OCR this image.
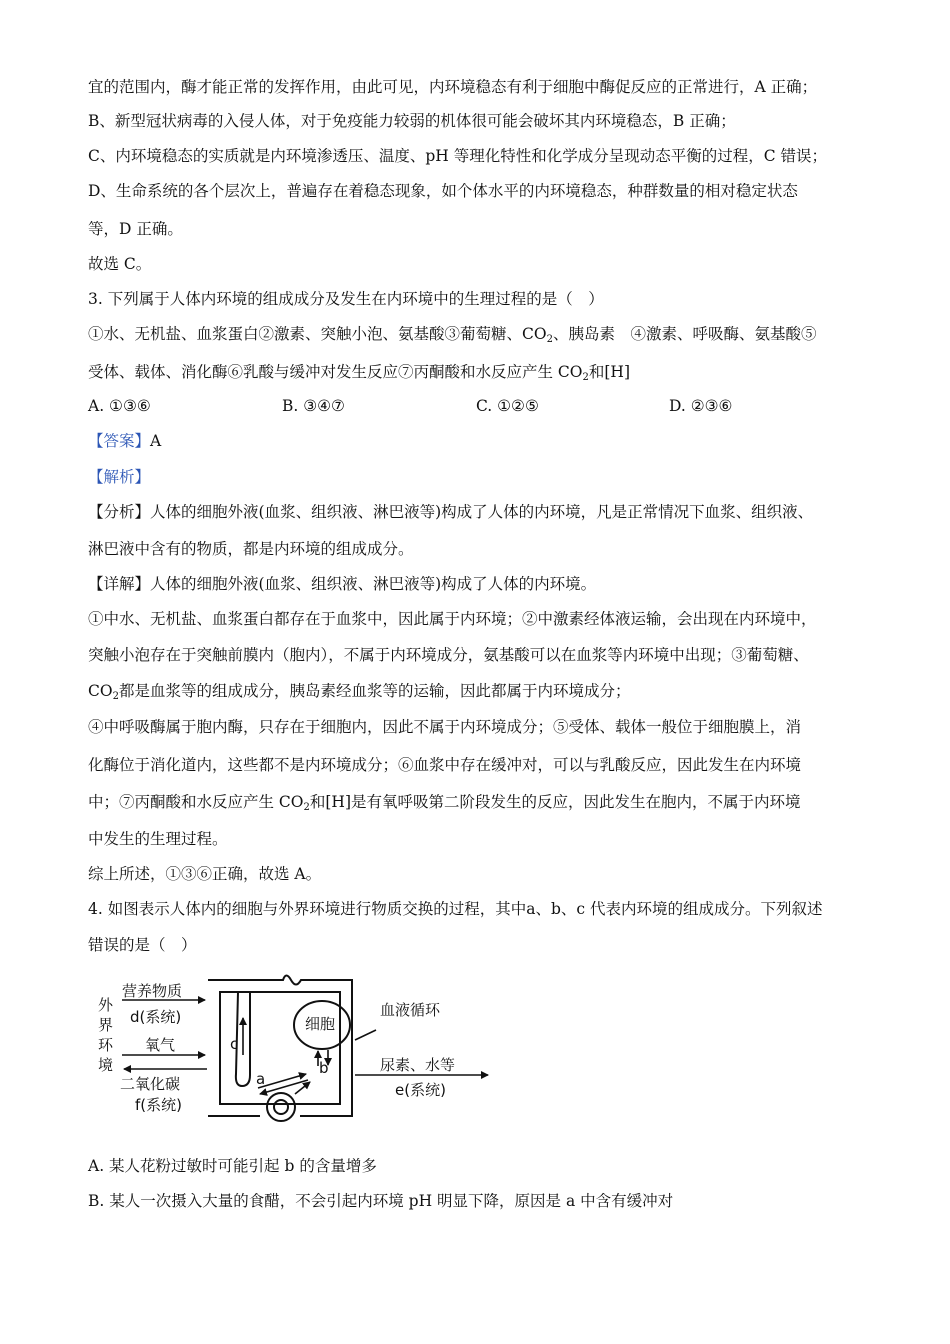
宜的范围内，酶才能正常的发挥作用，由此可见，内环境稳态有利于细胞中酶促反应的正常进行，A 正确；
B、新型冠状病毒的入侵人体，对于免疫能力较弱的机体很可能会破坏其内环境稳态，B 正确；
C、内环境稳态的实质就是内环境渗透压、温度、pH 等理化特性和化学成分呈现动态平衡的过程，C 错误；
D、生命系统的各个层次上，普遍存在着稳态现象，如个体水平的内环境稳态，种群数量的相对稳定状态
等，D 正确。
故选 C。
3. 下列属于人体内环境的组成成分及发生在内环境中的生理过程的是（　）
①水、无机盐、血浆蛋白②激素、突触小泡、氨基酸③葡萄糖、$CO_2$、胰岛素　④激素、呼吸酶、氨基酸⑤
受体、载体、消化酶⑥乳酸与缓冲对发生反应⑦丙酮酸和水反应产生 $CO_2$和[H]
A. ①③⑥	B. ③④⑦	C. ①②⑤	D. ②③⑥
【答案】A
【解析】
【分析】人体的细胞外液(血浆、组织液、淋巴液等)构成了人体的内环境，凡是正常情况下血浆、组织液、
淋巴液中含有的物质，都是内环境的组成成分。
【详解】人体的细胞外液(血浆、组织液、淋巴液等)构成了人体的内环境。
①中水、无机盐、血浆蛋白都存在于血浆中，因此属于内环境；②中激素经体液运输，会出现在内环境中，
突触小泡存在于突触前膜内（胞内），不属于内环境成分，氨基酸可以在血浆等内环境中出现；③葡萄糖、
$CO_2$都是血浆等的组成成分，胰岛素经血浆等的运输，因此都属于内环境成分；
④中呼吸酶属于胞内酶，只存在于细胞内，因此不属于内环境成分；⑤受体、载体一般位于细胞膜上，消
化酶位于消化道内，这些都不是内环境成分；⑥血浆中存在缓冲对，可以与乳酸反应，因此发生在内环境
中；⑦丙酮酸和水反应产生 $CO_2$和[H]是有氧呼吸第二阶段发生的反应，因此发生在胞内，不属于内环境
中发生的生理过程。
综上所述，①③⑥正确，故选 A。
4. 如图表示人体内的细胞与外界环境进行物质交换的过程，其中a、b、c 代表内环境的组成成分。下列叙述
错误的是（　）
外
界
环
境
营养物质
d(系统)
氧气
二氧化碳
f(系统)
细胞
血液循环
尿素、水等
e(系统)
c
a
b
A. 某人花粉过敏时可能引起 b 的含量增多
B. 某人一次摄入大量的食醋，不会引起内环境 pH 明显下降，原因是 a 中含有缓冲对
